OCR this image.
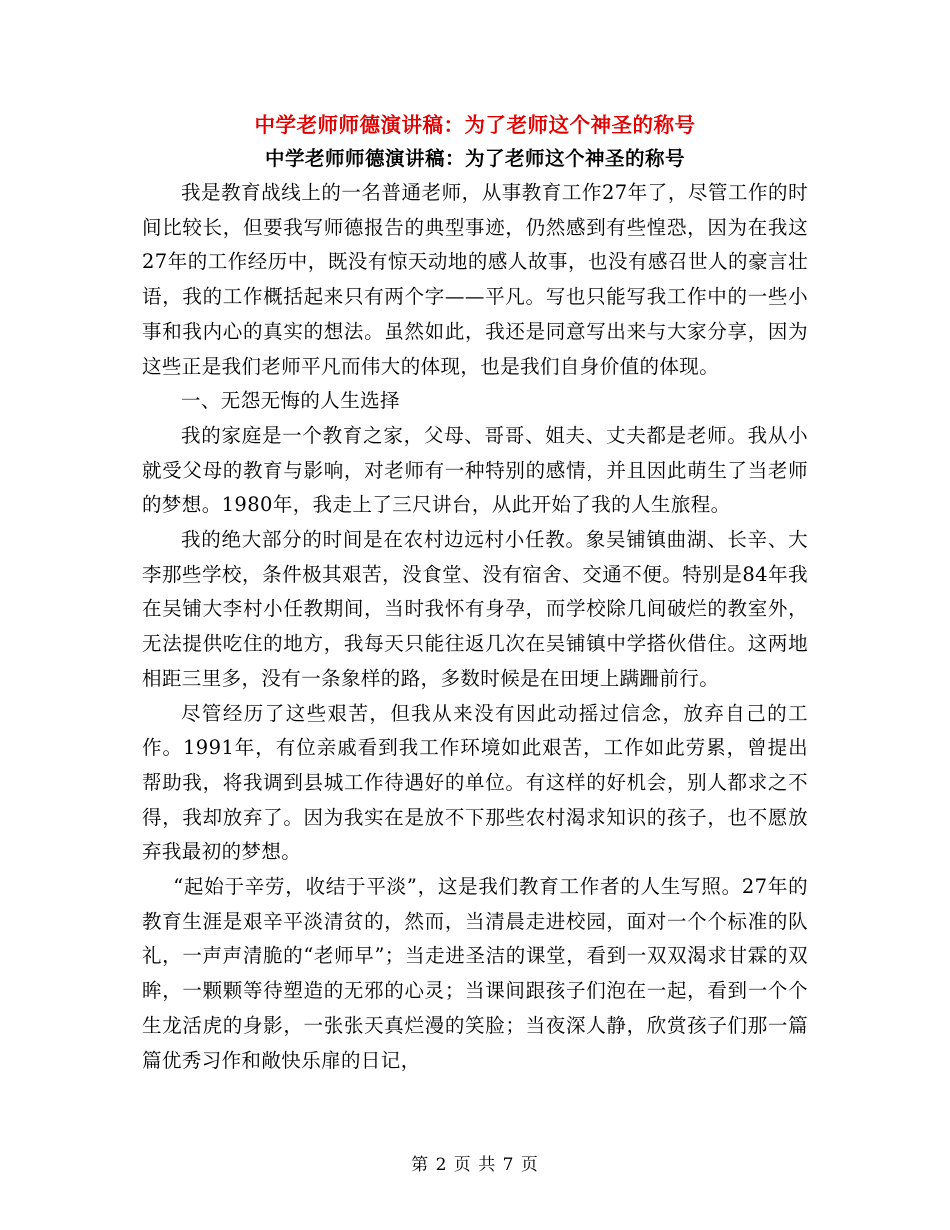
中学老师师德演讲稿：为了老师这个神圣的称号
中学老师师德演讲稿：为了老师这个神圣的称号

我是教育战线上的一名普通老师，从事教育工作27年了，尽管工作的时间比较长，但要我写师德报告的典型事迹，仍然感到有些惶恐，因为在我这27年的工作经历中，既没有惊天动地的感人故事，也没有感召世人的豪言壮语，我的工作概括起来只有两个字——平凡。写也只能写我工作中的一些小事和我内心的真实的想法。虽然如此，我还是同意写出来与大家分享，因为这些正是我们老师平凡而伟大的体现，也是我们自身价值的体现。

一、无怨无悔的人生选择

我的家庭是一个教育之家，父母、哥哥、姐夫、丈夫都是老师。我从小就受父母的教育与影响，对老师有一种特别的感情，并且因此萌生了当老师的梦想。1980年，我走上了三尺讲台，从此开始了我的人生旅程。

我的绝大部分的时间是在农村边远村小任教。象吴铺镇曲湖、长辛、大李那些学校，条件极其艰苦，没食堂、没有宿舍、交通不便。特别是84年我在吴铺大李村小任教期间，当时我怀有身孕，而学校除几间破烂的教室外，无法提供吃住的地方，我每天只能往返几次在吴铺镇中学搭伙借住。这两地相距三里多，没有一条象样的路，多数时候是在田埂上蹒跚前行。

尽管经历了这些艰苦，但我从来没有因此动摇过信念，放弃自己的工作。1991年，有位亲戚看到我工作环境如此艰苦，工作如此劳累，曾提出帮助我，将我调到县城工作待遇好的单位。有这样的好机会，别人都求之不得，我却放弃了。因为我实在是放不下那些农村渴求知识的孩子，也不愿放弃我最初的梦想。

“起始于辛劳，收结于平淡”，这是我们教育工作者的人生写照。27年的教育生涯是艰辛平淡清贫的，然而，当清晨走进校园，面对一个个标准的队礼，一声声清脆的“老师早”；当走进圣洁的课堂，看到一双双渴求甘霖的双眸，一颗颗等待塑造的无邪的心灵；当课间跟孩子们泡在一起，看到一个个生龙活虎的身影，一张张天真烂漫的笑脸；当夜深人静，欣赏孩子们那一篇篇优秀习作和敞快乐扉的日记，

第 2 页 共 7 页
